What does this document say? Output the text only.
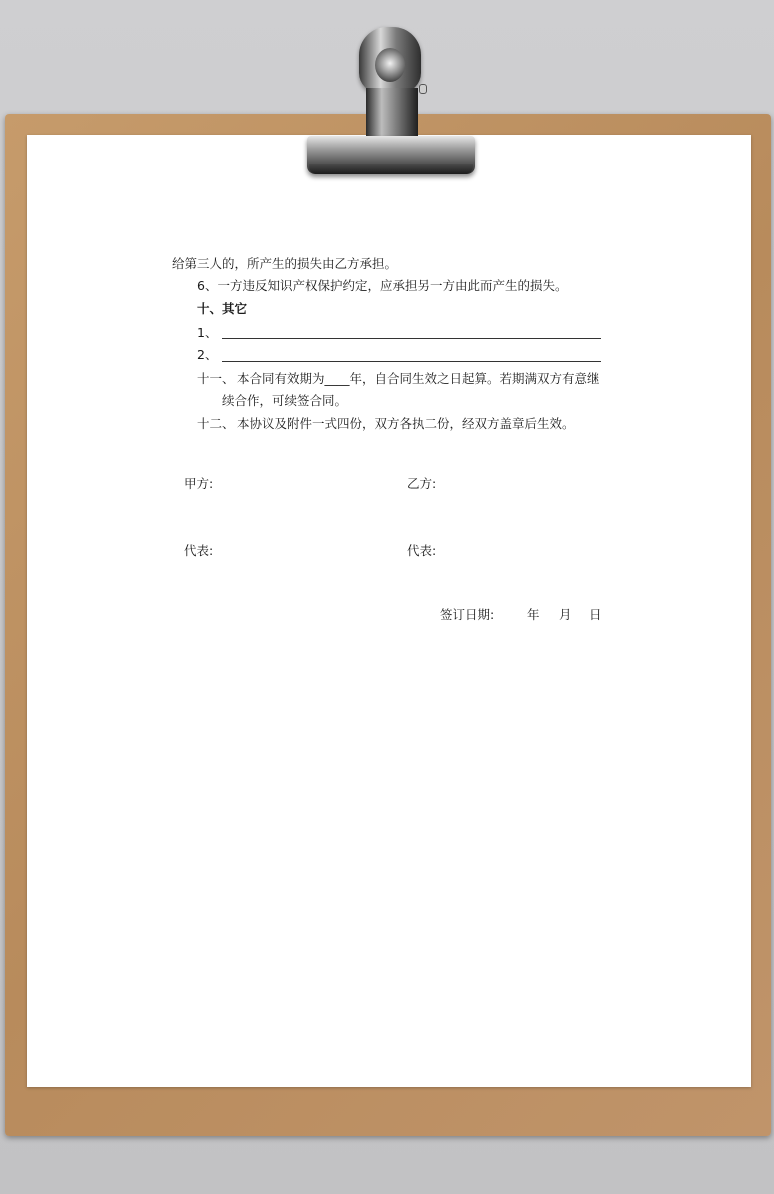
给第三人的，所产生的损失由乙方承担。
6、一方违反知识产权保护约定，应承担另一方由此而产生的损失。
十、其它
1、
2、
十一、 本合同有效期为____年，自合同生效之日起算。若期满双方有意继
续合作，可续签合同。
十二、 本协议及附件一式四份，双方各执二份，经双方盖章后生效。
甲方:	乙方:
代表:	代表:
签订日期:	年 月 日
